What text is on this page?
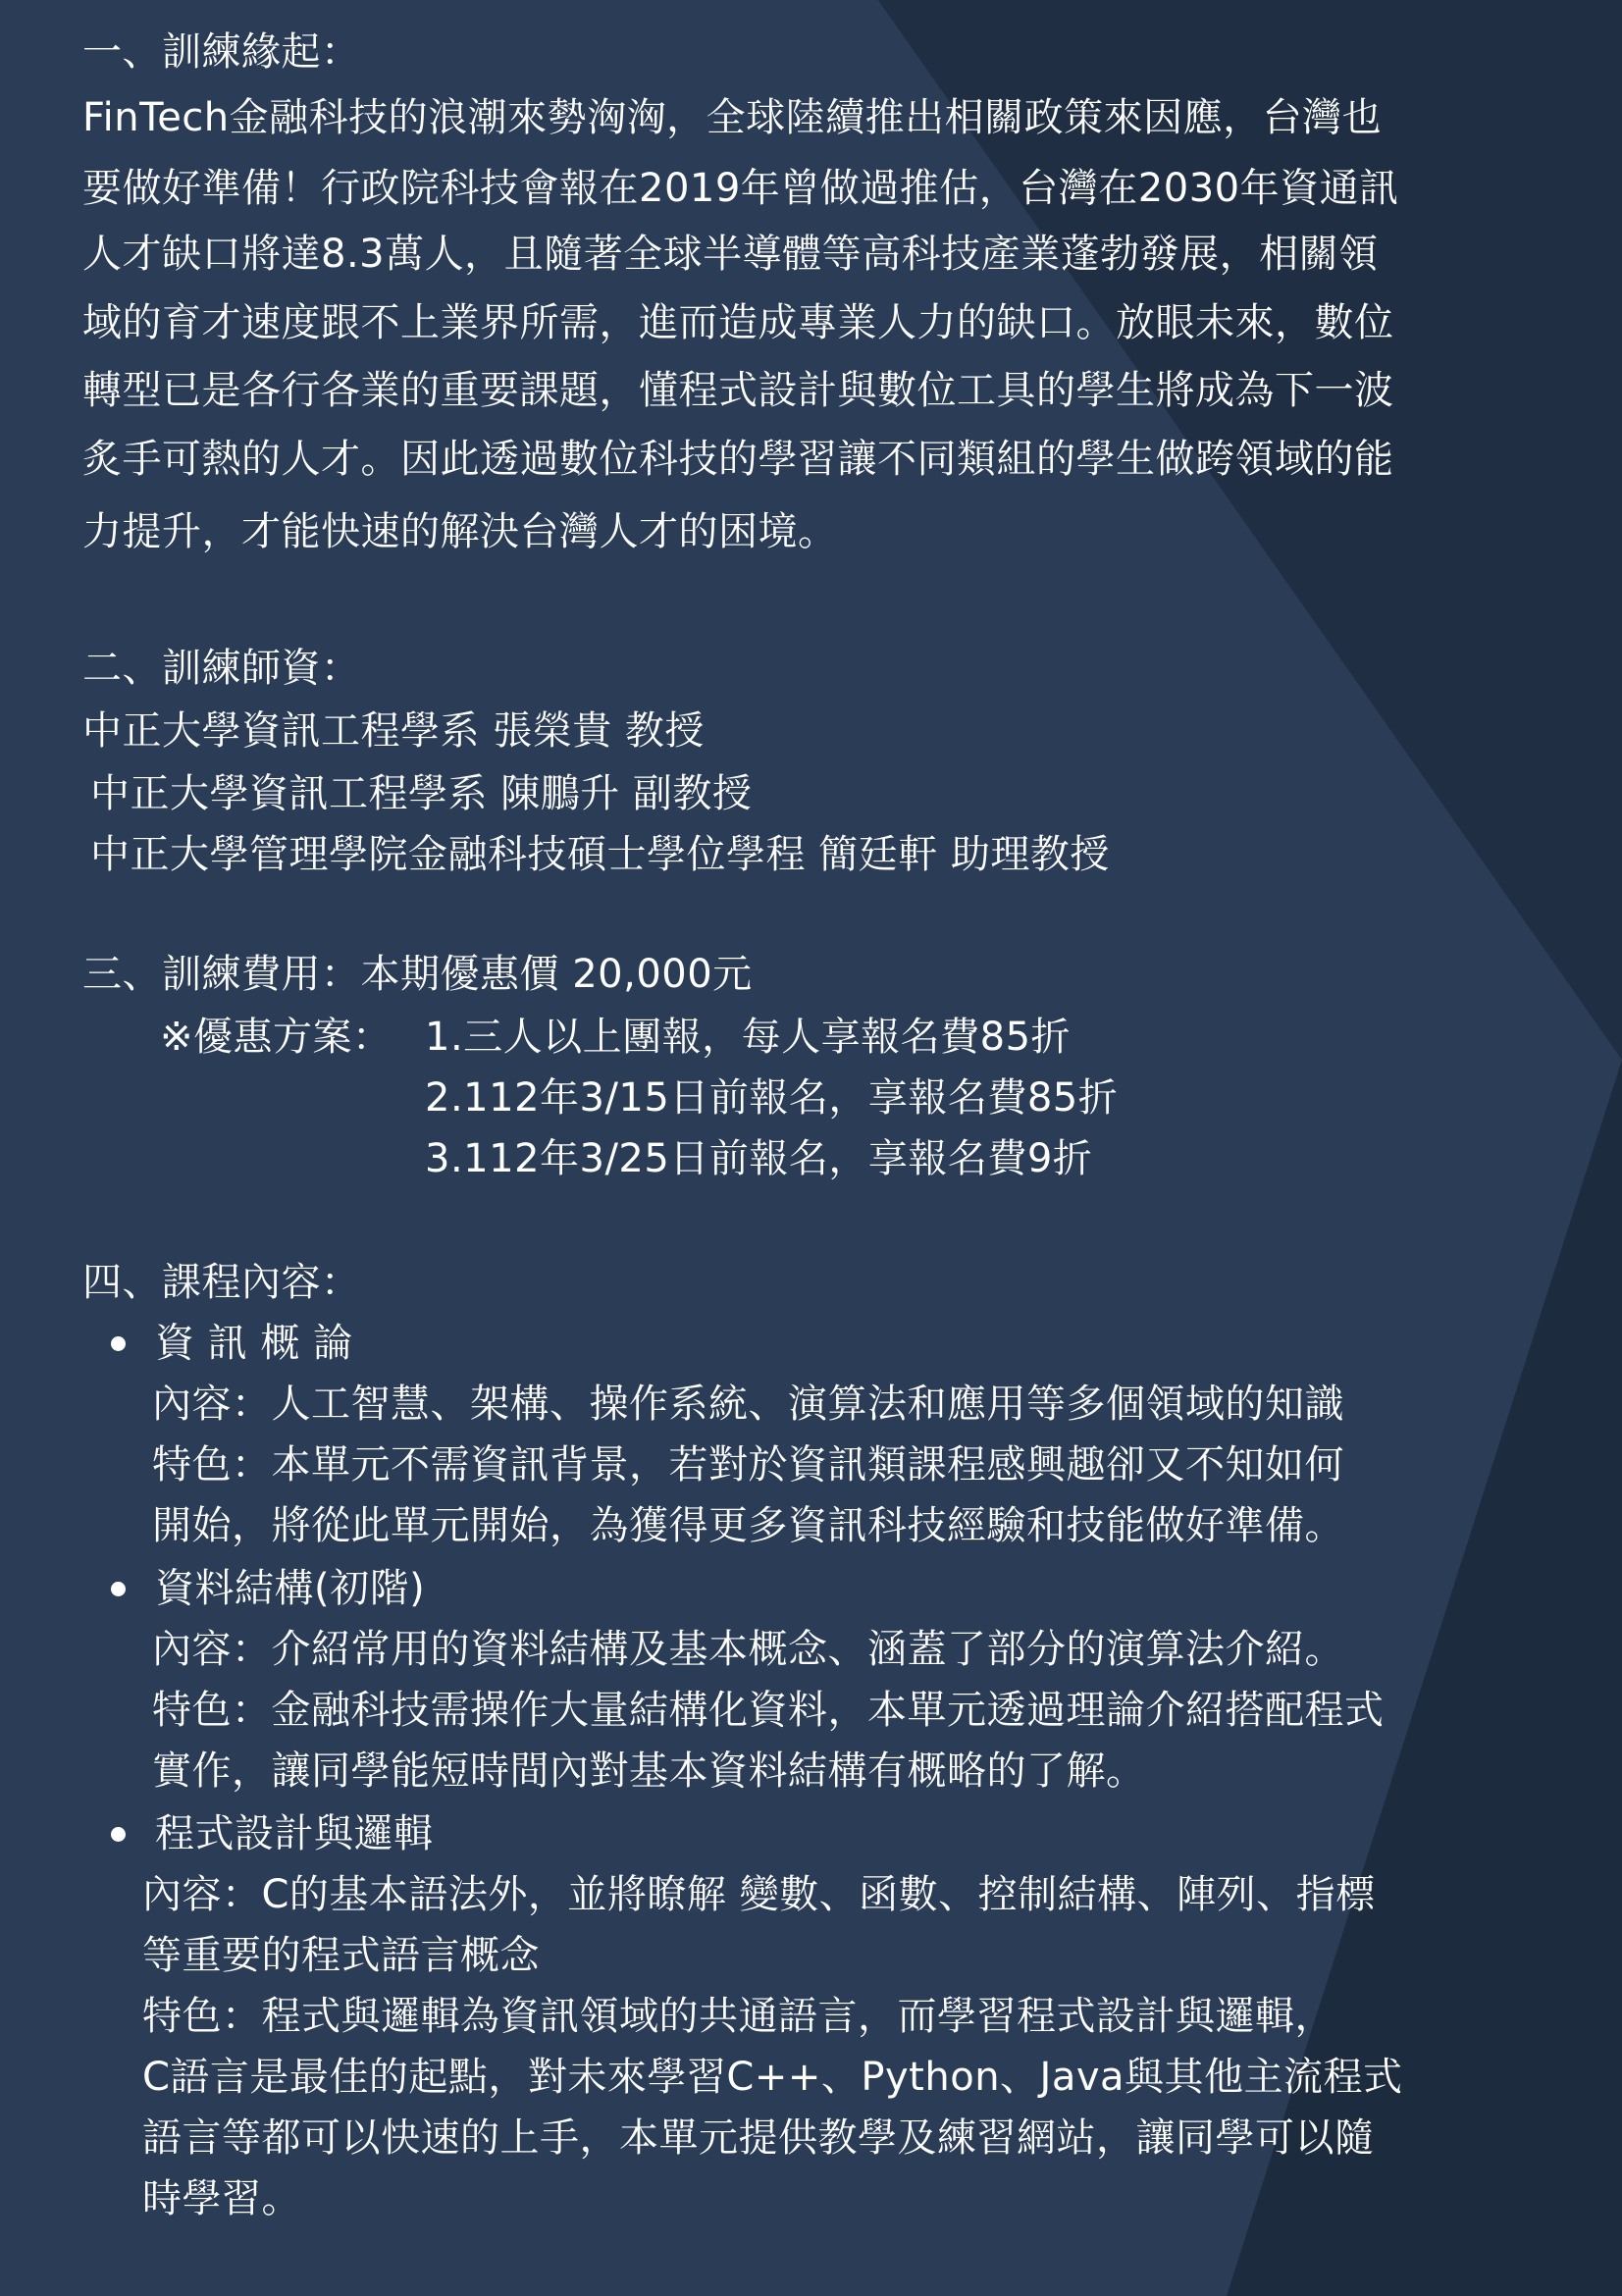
一、訓練緣起：
FinTech金融科技的浪潮來勢洶洶，全球陸續推出相關政策來因應，台灣也
要做好準備！行政院科技會報在2019年曾做過推估，台灣在2030年資通訊
人才缺口將達8.3萬人，且隨著全球半導體等高科技產業蓬勃發展，相關領
域的育才速度跟不上業界所需，進而造成專業人力的缺口。放眼未來，數位
轉型已是各行各業的重要課題，懂程式設計與數位工具的學生將成為下一波
炙手可熱的人才。因此透過數位科技的學習讓不同類組的學生做跨領域的能
力提升，才能快速的解決台灣人才的困境。
二、訓練師資：
中正大學資訊工程學系 張榮貴 教授
中正大學資訊工程學系 陳鵬升 副教授
中正大學管理學院金融科技碩士學位學程 簡廷軒 助理教授
三、訓練費用：本期優惠價 20,000元
※優惠方案： 1.三人以上團報，每人享報名費85折
2.112年3/15日前報名，享報名費85折
3.112年3/25日前報名，享報名費9折
四、課程內容：
資 訊 概 論
內容：人工智慧、架構、操作系統、演算法和應用等多個領域的知識
特色：本單元不需資訊背景，若對於資訊類課程感興趣卻又不知如何
開始，將從此單元開始，為獲得更多資訊科技經驗和技能做好準備。
資料結構(初階)
內容：介紹常用的資料結構及基本概念、涵蓋了部分的演算法介紹。
特色：金融科技需操作大量結構化資料，本單元透過理論介紹搭配程式
實作，讓同學能短時間內對基本資料結構有概略的了解。
程式設計與邏輯
內容：C的基本語法外，並將瞭解 變數、函數、控制結構、陣列、指標
等重要的程式語言概念
特色：程式與邏輯為資訊領域的共通語言，而學習程式設計與邏輯，
C語言是最佳的起點，對未來學習C++、Python、Java與其他主流程式
語言等都可以快速的上手，本單元提供教學及練習網站，讓同學可以隨
時學習。
